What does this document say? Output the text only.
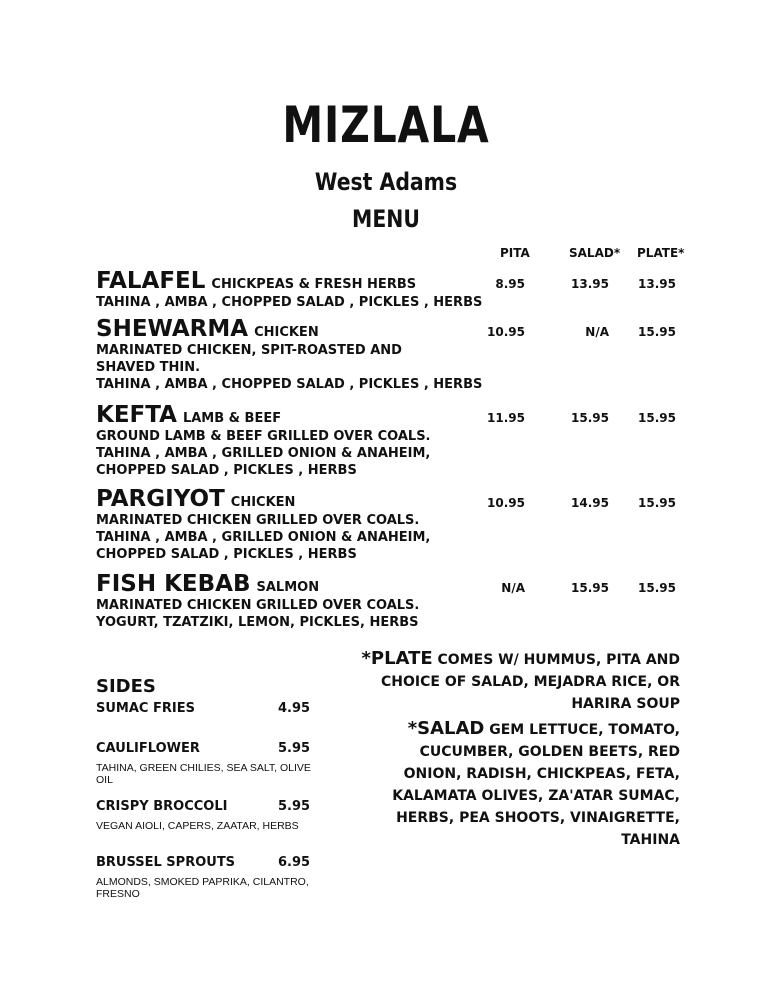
MIZLALA
West Adams
MENU
PITA	SALAD* PLATE*
FALAFEL CHICKPEAS & FRESH HERBS
TAHINA , AMBA , CHOPPED SALAD , PICKLES , HERBS
8.95	13.95	13.95
SHEWARMA CHICKEN
MARINATED CHICKEN, SPIT-ROASTED AND SHAVED THIN.
TAHINA , AMBA , CHOPPED SALAD , PICKLES , HERBS
10.95	N/A	15.95
KEFTA LAMB & BEEF
GROUND LAMB & BEEF GRILLED OVER COALS.
TAHINA , AMBA , GRILLED ONION & ANAHEIM, CHOPPED SALAD , PICKLES , HERBS
11.95	15.95	15.95
PARGIYOT CHICKEN
MARINATED CHICKEN GRILLED OVER COALS.
TAHINA , AMBA , GRILLED ONION & ANAHEIM, CHOPPED SALAD , PICKLES , HERBS
10.95	14.95	15.95
FISH KEBAB SALMON
MARINATED CHICKEN GRILLED OVER COALS.
YOGURT, TZATZIKI, LEMON, PICKLES, HERBS
N/A	15.95	15.95
SIDES
SUMAC FRIES	4.95
CAULIFLOWER	5.95
TAHINA, GREEN CHILIES, SEA SALT, OLIVE OIL
CRISPY BROCCOLI	5.95
VEGAN AIOLI, CAPERS, ZAATAR, HERBS
BRUSSEL SPROUTS	6.95
ALMONDS, SMOKED PAPRIKA, CILANTRO, FRESNO
*PLATE COMES W/ HUMMUS, PITA AND CHOICE OF SALAD, MEJADRA RICE, OR HARIRA SOUP
*SALAD GEM LETTUCE, TOMATO, CUCUMBER, GOLDEN BEETS, RED ONION, RADISH, CHICKPEAS, FETA, KALAMATA OLIVES, ZA'ATAR SUMAC, HERBS, PEA SHOOTS, VINAIGRETTE, TAHINA
